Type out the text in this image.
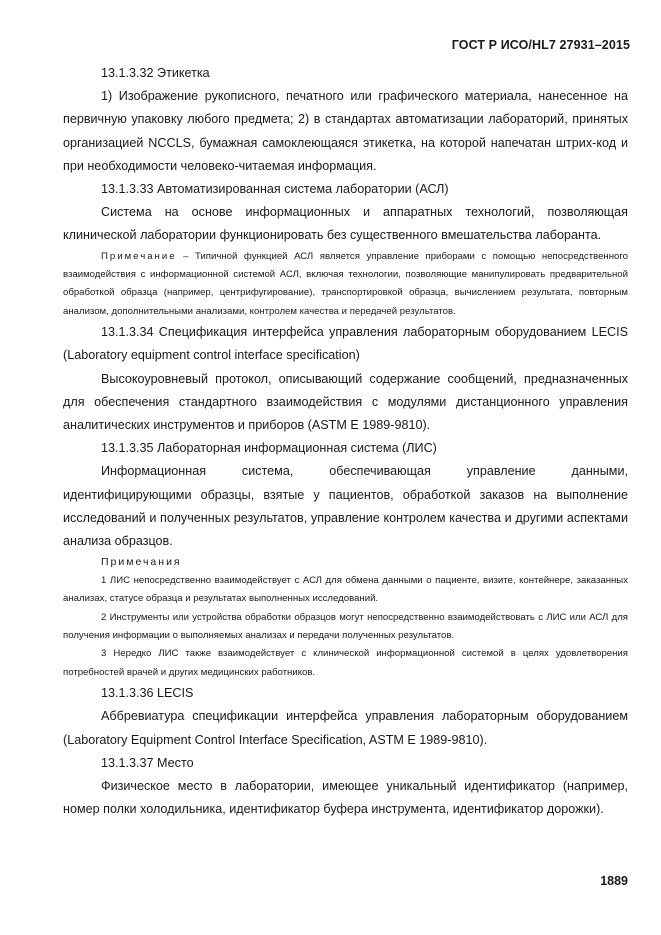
ГОСТ Р ИСО/HL7 27931–2015

13.1.3.32 Этикетка

1) Изображение рукописного, печатного или графического материала, нанесенное на первичную упаковку любого предмета; 2) в стандартах автоматизации лабораторий, принятых организацией NCCLS, бумажная самоклеющаяся этикетка, на которой напечатан штрих-код и при необходимости человеко-читаемая информация.

13.1.3.33 Автоматизированная система лаборатории (АСЛ)

Система на основе информационных и аппаратных технологий, позволяющая клинической лаборатории функционировать без существенного вмешательства лаборанта.

Примечание – Типичной функцией АСЛ является управление приборами с помощью непосредственного взаимодействия с информационной системой АСЛ, включая технологии, позволяющие манипулировать предварительной обработкой образца (например, центрифугирование), транспортировкой образца, вычислением результата, повторным анализом, дополнительными анализами, контролем качества и передачей результатов.

13.1.3.34 Спецификация интерфейса управления лабораторным оборудованием LECIS (Laboratory equipment control interface specification)

Высокоуровневый протокол, описывающий содержание сообщений, предназначенных для обеспечения стандартного взаимодействия с модулями дистанционного управления аналитических инструментов и приборов (ASTM E 1989-9810).

13.1.3.35 Лабораторная информационная система (ЛИС)

Информационная система, обеспечивающая управление данными, идентифицирующими образцы, взятые у пациентов, обработкой заказов на выполнение исследований и полученных результатов, управление контролем качества и другими аспектами анализа образцов.

Примечания

1 ЛИС непосредственно взаимодействует с АСЛ для обмена данными о пациенте, визите, контейнере, заказанных анализах, статусе образца и результатах выполненных исследований.

2 Инструменты или устройства обработки образцов могут непосредственно взаимодействовать с ЛИС или АСЛ для получения информации о выполняемых анализах и передачи полученных результатов.

3 Нередко ЛИС также взаимодействует с клинической информационной системой в целях удовлетворения потребностей врачей и других медицинских работников.

13.1.3.36 LECIS

Аббревиатура спецификации интерфейса управления лабораторным оборудованием (Laboratory Equipment Control Interface Specification, ASTM E 1989-9810).

13.1.3.37 Место

Физическое место в лаборатории, имеющее уникальный идентификатор (например, номер полки холодильника, идентификатор буфера инструмента, идентификатор дорожки).

1889
